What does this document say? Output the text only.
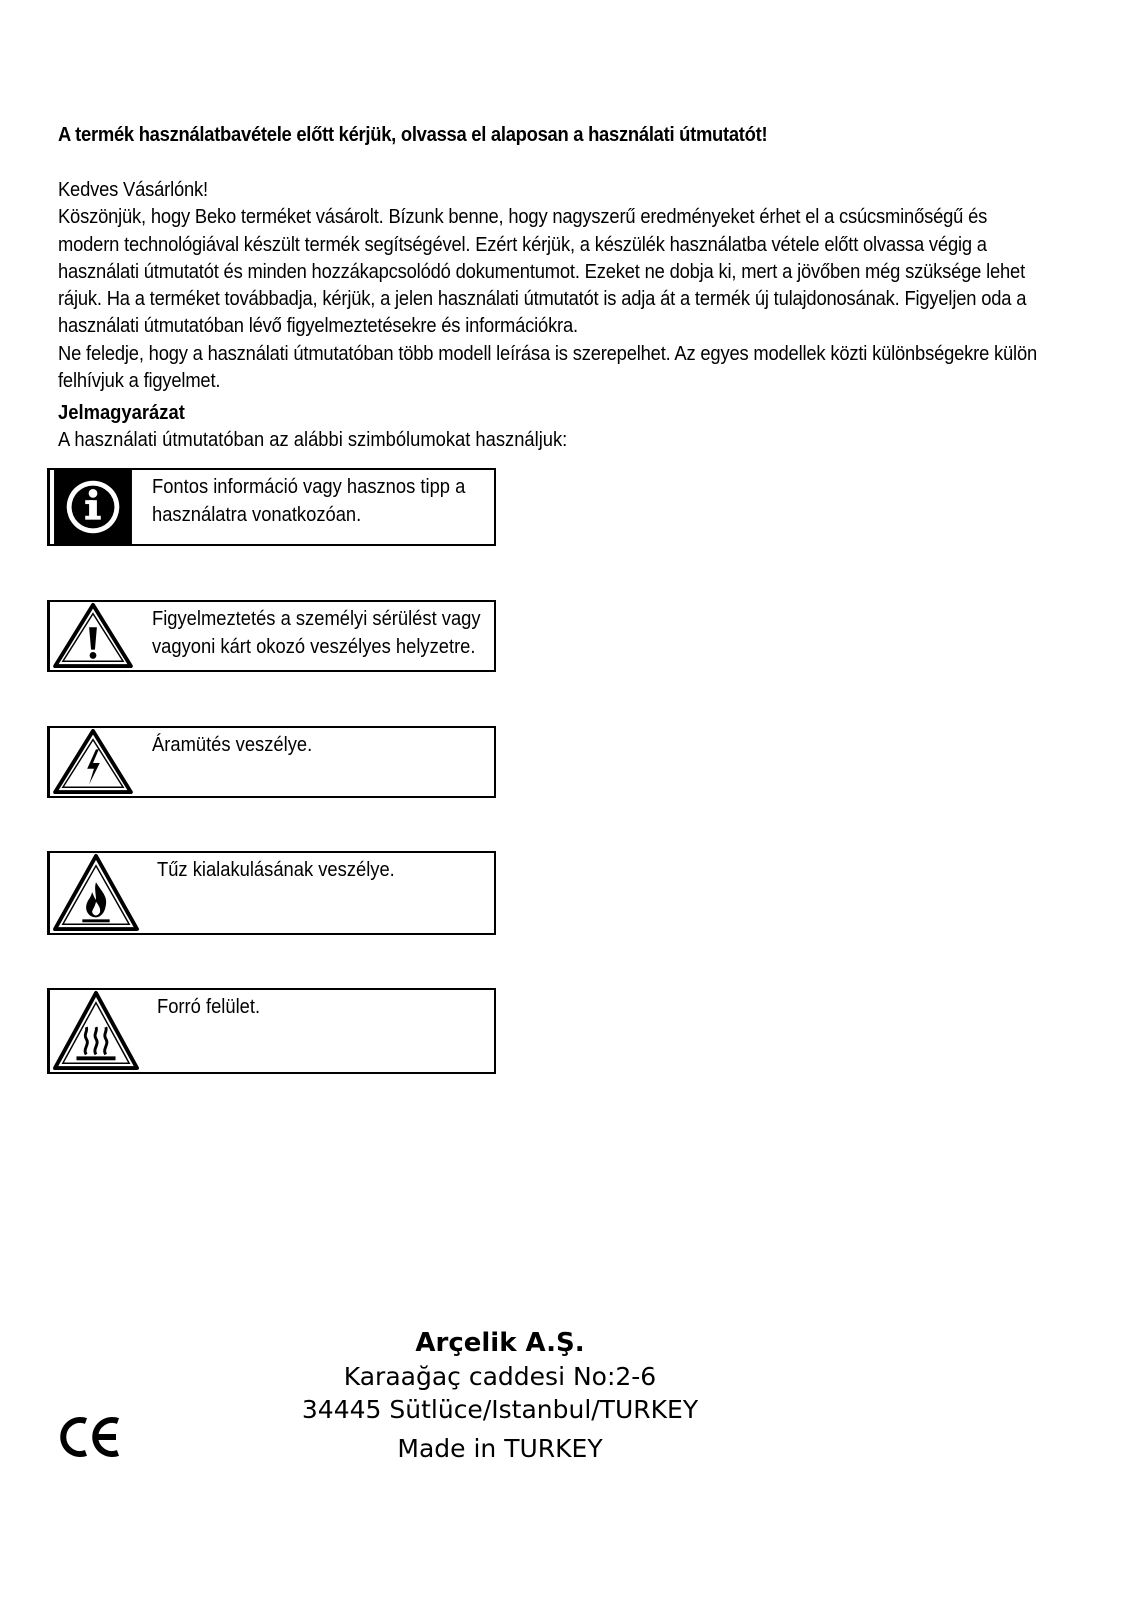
A termék használatbavétele előtt kérjük, olvassa el alaposan a használati útmutatót!

Kedves Vásárlónk!

Köszönjük, hogy Beko terméket vásárolt. Bízunk benne, hogy nagyszerű eredményeket érhet el a csúcsminőségű és modern technológiával készült termék segítségével. Ezért kérjük, a készülék használatba vétele előtt olvassa végig a használati útmutatót és minden hozzákapcsolódó dokumentumot. Ezeket ne dobja ki, mert a jövőben még szüksége lehet rájuk. Ha a terméket továbbadja, kérjük, a jelen használati útmutatót is adja át a termék új tulajdonosának. Figyeljen oda a használati útmutatóban lévő figyelmeztetésekre és információkra.

Ne feledje, hogy a használati útmutatóban több modell leírása is szerepelhet. Az egyes modellek közti különbségekre külön felhívjuk a figyelmet.

Jelmagyarázat
A használati útmutatóban az alábbi szimbólumokat használjuk:
Fontos információ vagy hasznos tipp a használatra vonatkozóan.
Figyelmeztetés a személyi sérülést vagy vagyoni kárt okozó veszélyes helyzetre.
Áramütés veszélye.
Tűz kialakulásának veszélye.
Forró felület.
Arçelik A.Ş.
Karaağaç caddesi No:2-6
34445 Sütlüce/Istanbul/TURKEY
Made in TURKEY
